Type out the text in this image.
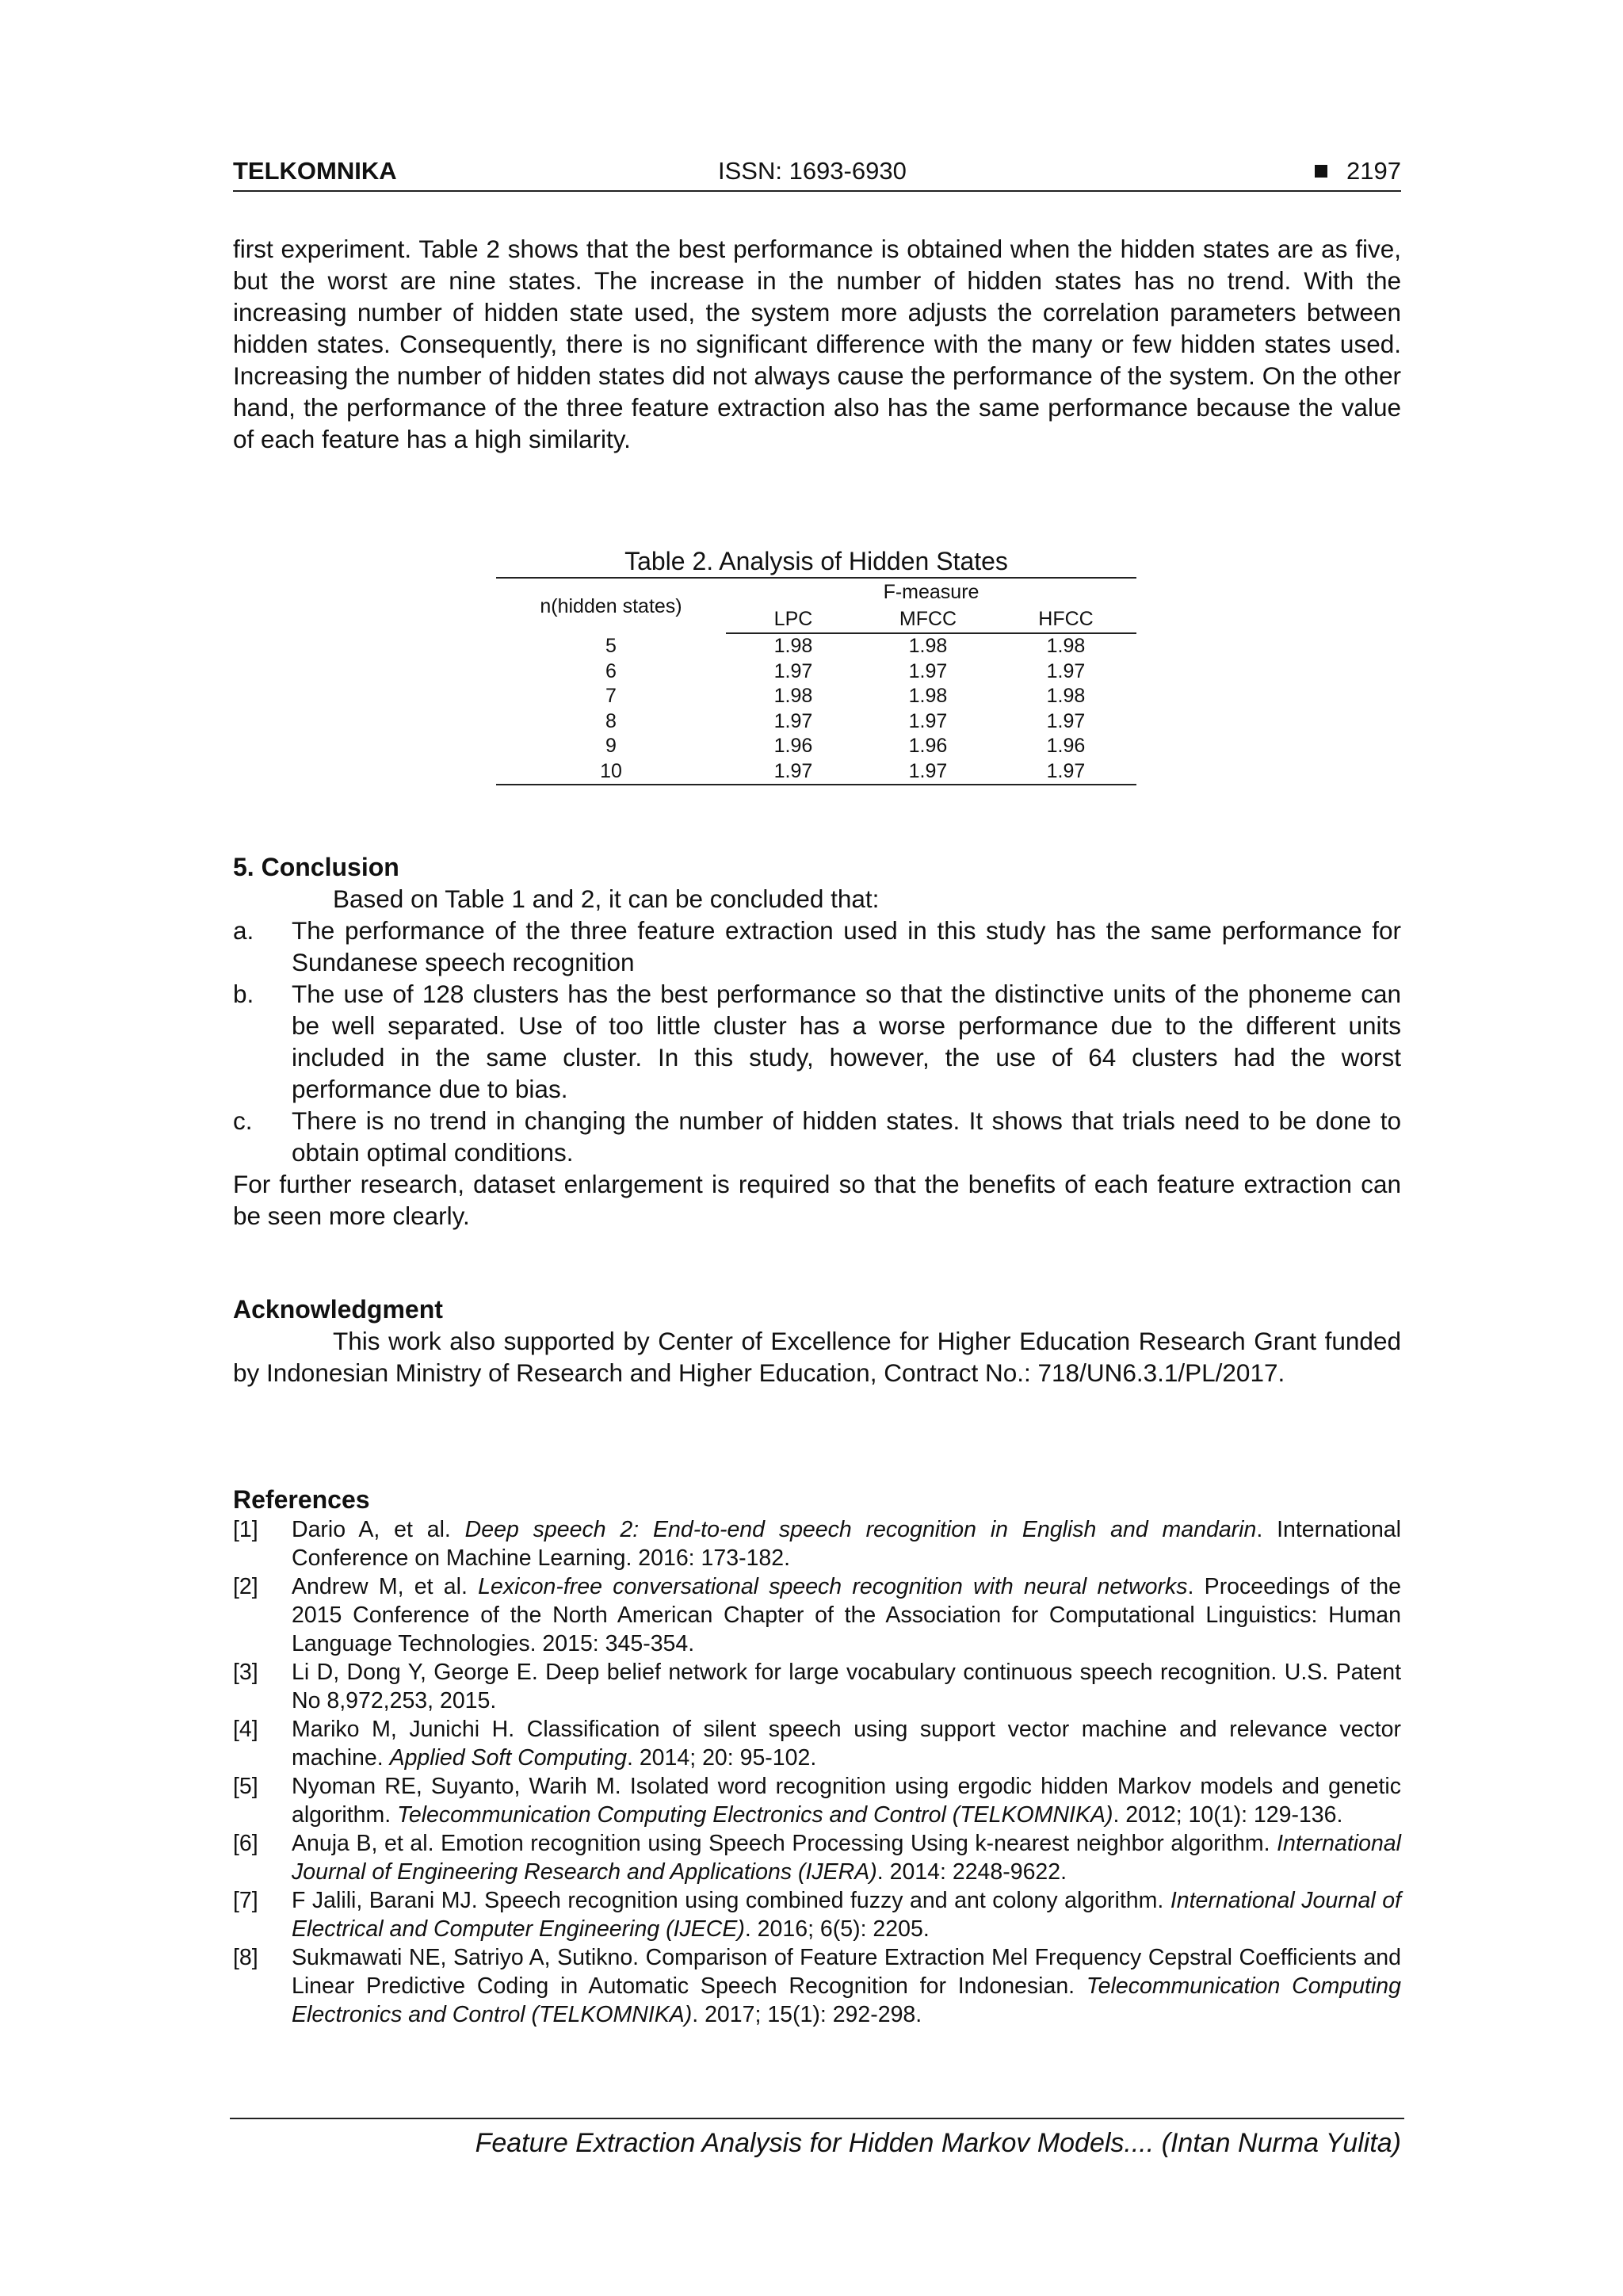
TELKOMNIKA	ISSN: 1693-6930	2197

first experiment. Table 2 shows that the best performance is obtained when the hidden states are as five, but the worst are nine states. The increase in the number of hidden states has no trend. With the increasing number of hidden state used, the system more adjusts the correlation parameters between hidden states. Consequently, there is no significant difference with the many or few hidden states used. Increasing the number of hidden states did not always cause the performance of the system. On the other hand, the performance of the three feature extraction also has the same performance because the value of each feature has a high similarity.

Table 2. Analysis of Hidden States
n(hidden states)	F-measure		
	LPC	MFCC	HFCC
5	1.98	1.98	1.98
6	1.97	1.97	1.97
7	1.98	1.98	1.98
8	1.97	1.97	1.97
9	1.96	1.96	1.96
10	1.97	1.97	1.97
5. Conclusion

Based on Table 1 and 2, it can be concluded that:

a. The performance of the three feature extraction used in this study has the same performance for Sundanese speech recognition
b. The use of 128 clusters has the best performance so that the distinctive units of the phoneme can be well separated. Use of too little cluster has a worse performance due to the different units included in the same cluster. In this study, however, the use of 64 clusters had the worst performance due to bias.
c. There is no trend in changing the number of hidden states. It shows that trials need to be done to obtain optimal conditions.

For further research, dataset enlargement is required so that the benefits of each feature extraction can be seen more clearly.

Acknowledgment

This work also supported by Center of Excellence for Higher Education Research Grant funded by Indonesian Ministry of Research and Higher Education, Contract No.: 718/UN6.3.1/PL/2017.

References
[1] Dario A, et al. Deep speech 2: End-to-end speech recognition in English and mandarin. International Conference on Machine Learning. 2016: 173-182.
[2] Andrew M, et al. Lexicon-free conversational speech recognition with neural networks. Proceedings of the 2015 Conference of the North American Chapter of the Association for Computational Linguistics: Human Language Technologies. 2015: 345-354.
[3] Li D, Dong Y, George E. Deep belief network for large vocabulary continuous speech recognition. U.S. Patent No 8,972,253, 2015.
[4] Mariko M, Junichi H. Classification of silent speech using support vector machine and relevance vector machine. Applied Soft Computing. 2014; 20: 95-102.
[5] Nyoman RE, Suyanto, Warih M. Isolated word recognition using ergodic hidden Markov models and genetic algorithm. Telecommunication Computing Electronics and Control (TELKOMNIKA). 2012; 10(1): 129-136.
[6] Anuja B, et al. Emotion recognition using Speech Processing Using k-nearest neighbor algorithm. International Journal of Engineering Research and Applications (IJERA). 2014: 2248-9622.
[7] F Jalili, Barani MJ. Speech recognition using combined fuzzy and ant colony algorithm. International Journal of Electrical and Computer Engineering (IJECE). 2016; 6(5): 2205.
[8] Sukmawati NE, Satriyo A, Sutikno. Comparison of Feature Extraction Mel Frequency Cepstral Coefficients and Linear Predictive Coding in Automatic Speech Recognition for Indonesian. Telecommunication Computing Electronics and Control (TELKOMNIKA). 2017; 15(1): 292-298.
Feature Extraction Analysis for Hidden Markov Models.... (Intan Nurma Yulita)
